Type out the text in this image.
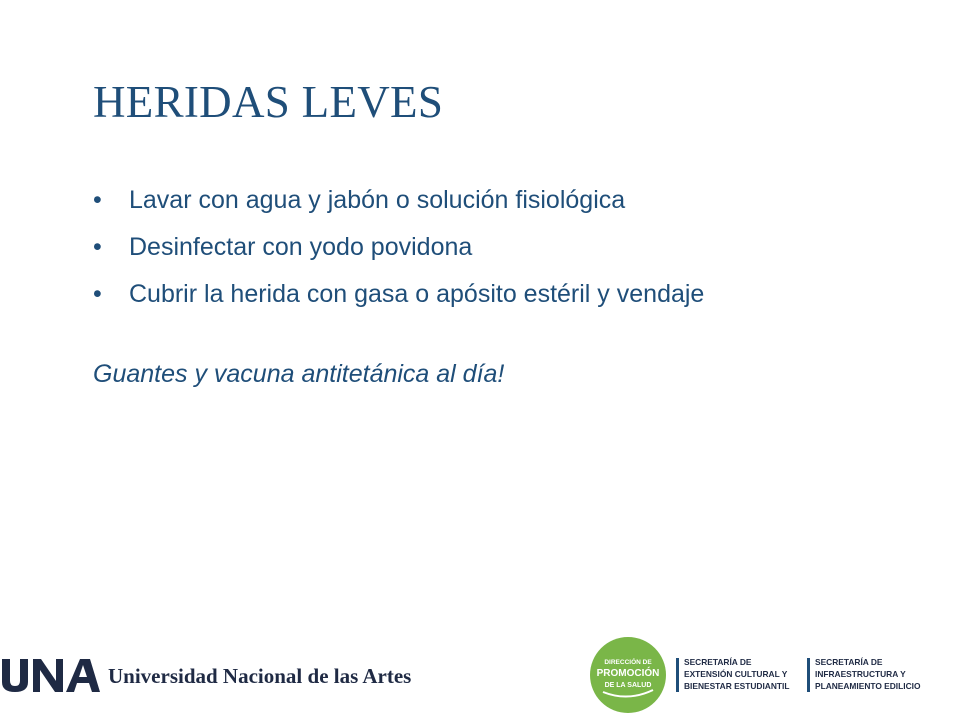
HERIDAS LEVES
• Lavar con agua y jabón o solución fisiológica
• Desinfectar con yodo povidona
• Cubrir la herida con gasa o apósito estéril y vendaje

Guantes y vacuna antitetánica al día!

Universidad Nacional de las Artes
DIRECCIÓN DE
PROMOCIÓN
DE LA SALUD
SECRETARÍA DE
EXTENSIÓN CULTURAL Y
BIENESTAR ESTUDIANTIL
SECRETARÍA DE
INFRAESTRUCTURA Y
PLANEAMIENTO EDILICIO
